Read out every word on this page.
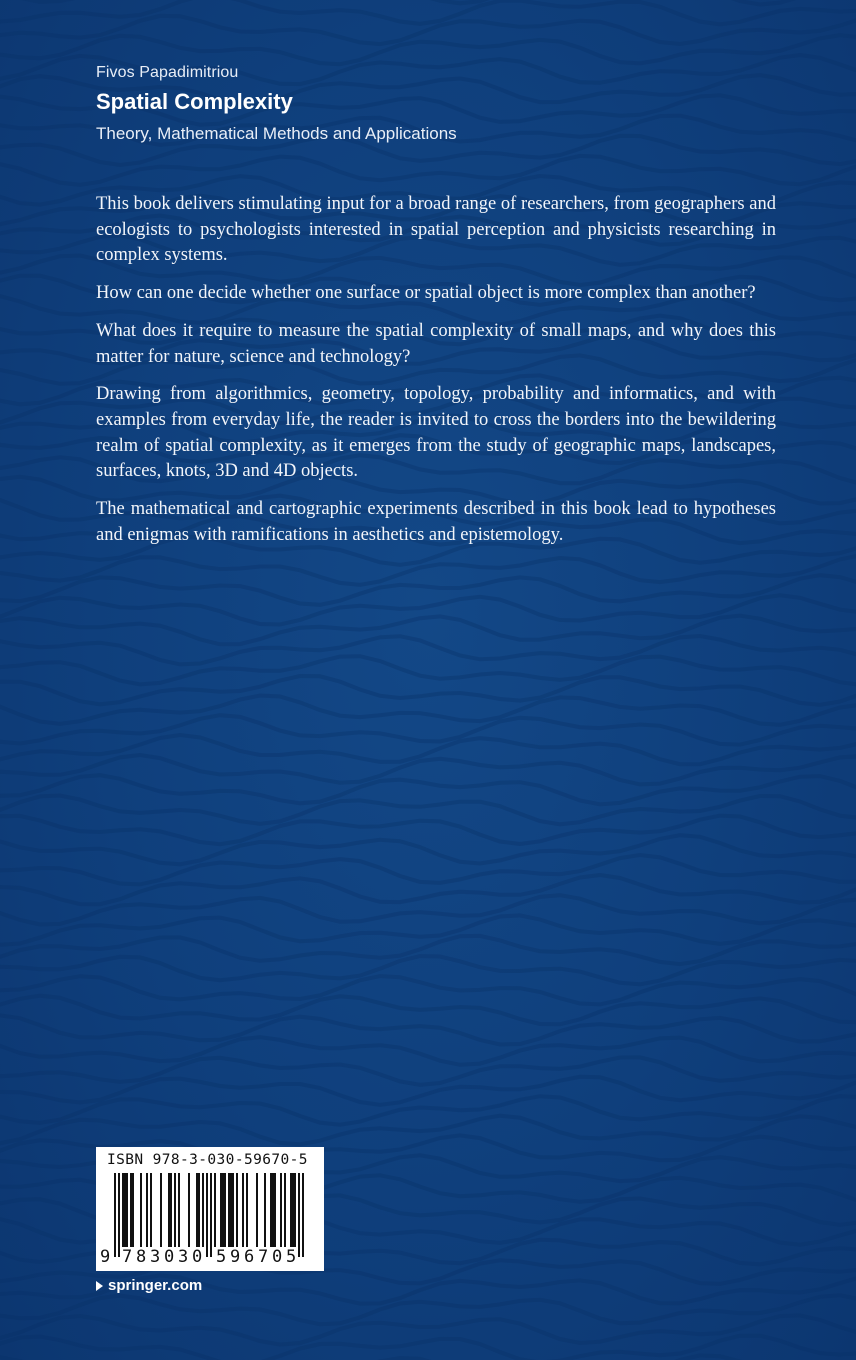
Fivos Papadimitriou
Spatial Complexity
Theory, Mathematical Methods and Applications

This book delivers stimulating input for a broad range of researchers, from geographers and ecologists to psychologists interested in spatial perception and physicists researching in complex systems.

How can one decide whether one surface or spatial object is more complex than another?

What does it require to measure the spatial complexity of small maps, and why does this matter for nature, science and technology?

Drawing from algorithmics, geometry, topology, probability and informatics, and with examples from everyday life, the reader is invited to cross the borders into the bewildering realm of spatial complexity, as it emerges from the study of geographic maps, landscapes, surfaces, knots, 3D and 4D objects.

The mathematical and cartographic experiments described in this book lead to hypotheses and enigmas with ramifications in aesthetics and epistemology.

ISBN 978-3-030-59670-5
9 7 8 3 0 3 0 5 9 6 7 0 5
springer.com
